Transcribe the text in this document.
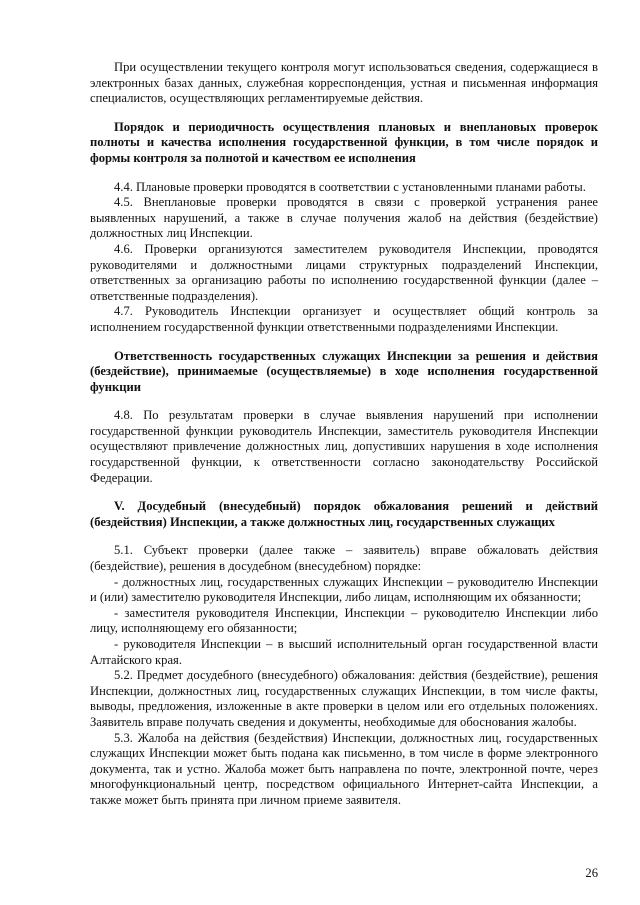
При осуществлении текущего контроля могут использоваться сведения, содержащиеся в электронных базах данных, служебная корреспонденция, устная и письменная информация специалистов, осуществляющих регламентируемые действия.

Порядок и периодичность осуществления плановых и внеплановых проверок полноты и качества исполнения государственной функции, в том числе порядок и формы контроля за полнотой и качеством ее исполнения

4.4. Плановые проверки проводятся в соответствии с установленными планами работы.

4.5. Внеплановые проверки проводятся в связи с проверкой устранения ранее выявленных нарушений, а также в случае получения жалоб на действия (бездействие) должностных лиц Инспекции.

4.6. Проверки организуются заместителем руководителя Инспекции, проводятся руководителями и должностными лицами структурных подразделений Инспекции, ответственных за организацию работы по исполнению государственной функции (далее – ответственные подразделения).

4.7. Руководитель Инспекции организует и осуществляет общий контроль за исполнением государственной функции ответственными подразделениями Инспекции.

Ответственность государственных служащих Инспекции за решения и действия (бездействие), принимаемые (осуществляемые) в ходе исполнения государственной функции

4.8. По результатам проверки в случае выявления нарушений при исполнении государственной функции руководитель Инспекции, заместитель руководителя Инспекции осуществляют привлечение должностных лиц, допустивших нарушения в ходе исполнения государственной функции, к ответственности согласно законодательству Российской Федерации.

V. Досудебный (внесудебный) порядок обжалования решений и действий (бездействия) Инспекции, а также должностных лиц, государственных служащих

5.1. Субъект проверки (далее также – заявитель) вправе обжаловать действия (бездействие), решения в досудебном (внесудебном) порядке:

- должностных лиц, государственных служащих Инспекции – руководителю Инспекции и (или) заместителю руководителя Инспекции, либо лицам, исполняющим их обязанности;

- заместителя руководителя Инспекции, Инспекции – руководителю Инспекции либо лицу, исполняющему его обязанности;

- руководителя Инспекции – в высший исполнительный орган государственной власти Алтайского края.

5.2. Предмет досудебного (внесудебного) обжалования: действия (бездействие), решения Инспекции, должностных лиц, государственных служащих Инспекции, в том числе факты, выводы, предложения, изложенные в акте проверки в целом или его отдельных положениях. Заявитель вправе получать сведения и документы, необходимые для обоснования жалобы.

5.3. Жалоба на действия (бездействия) Инспекции, должностных лиц, государственных служащих Инспекции может быть подана как письменно, в том числе в форме электронного документа, так и устно. Жалоба может быть направлена по почте, электронной почте, через многофункциональный центр, посредством официального Интернет-сайта Инспекции, а также может быть принята при личном приеме заявителя.

26
